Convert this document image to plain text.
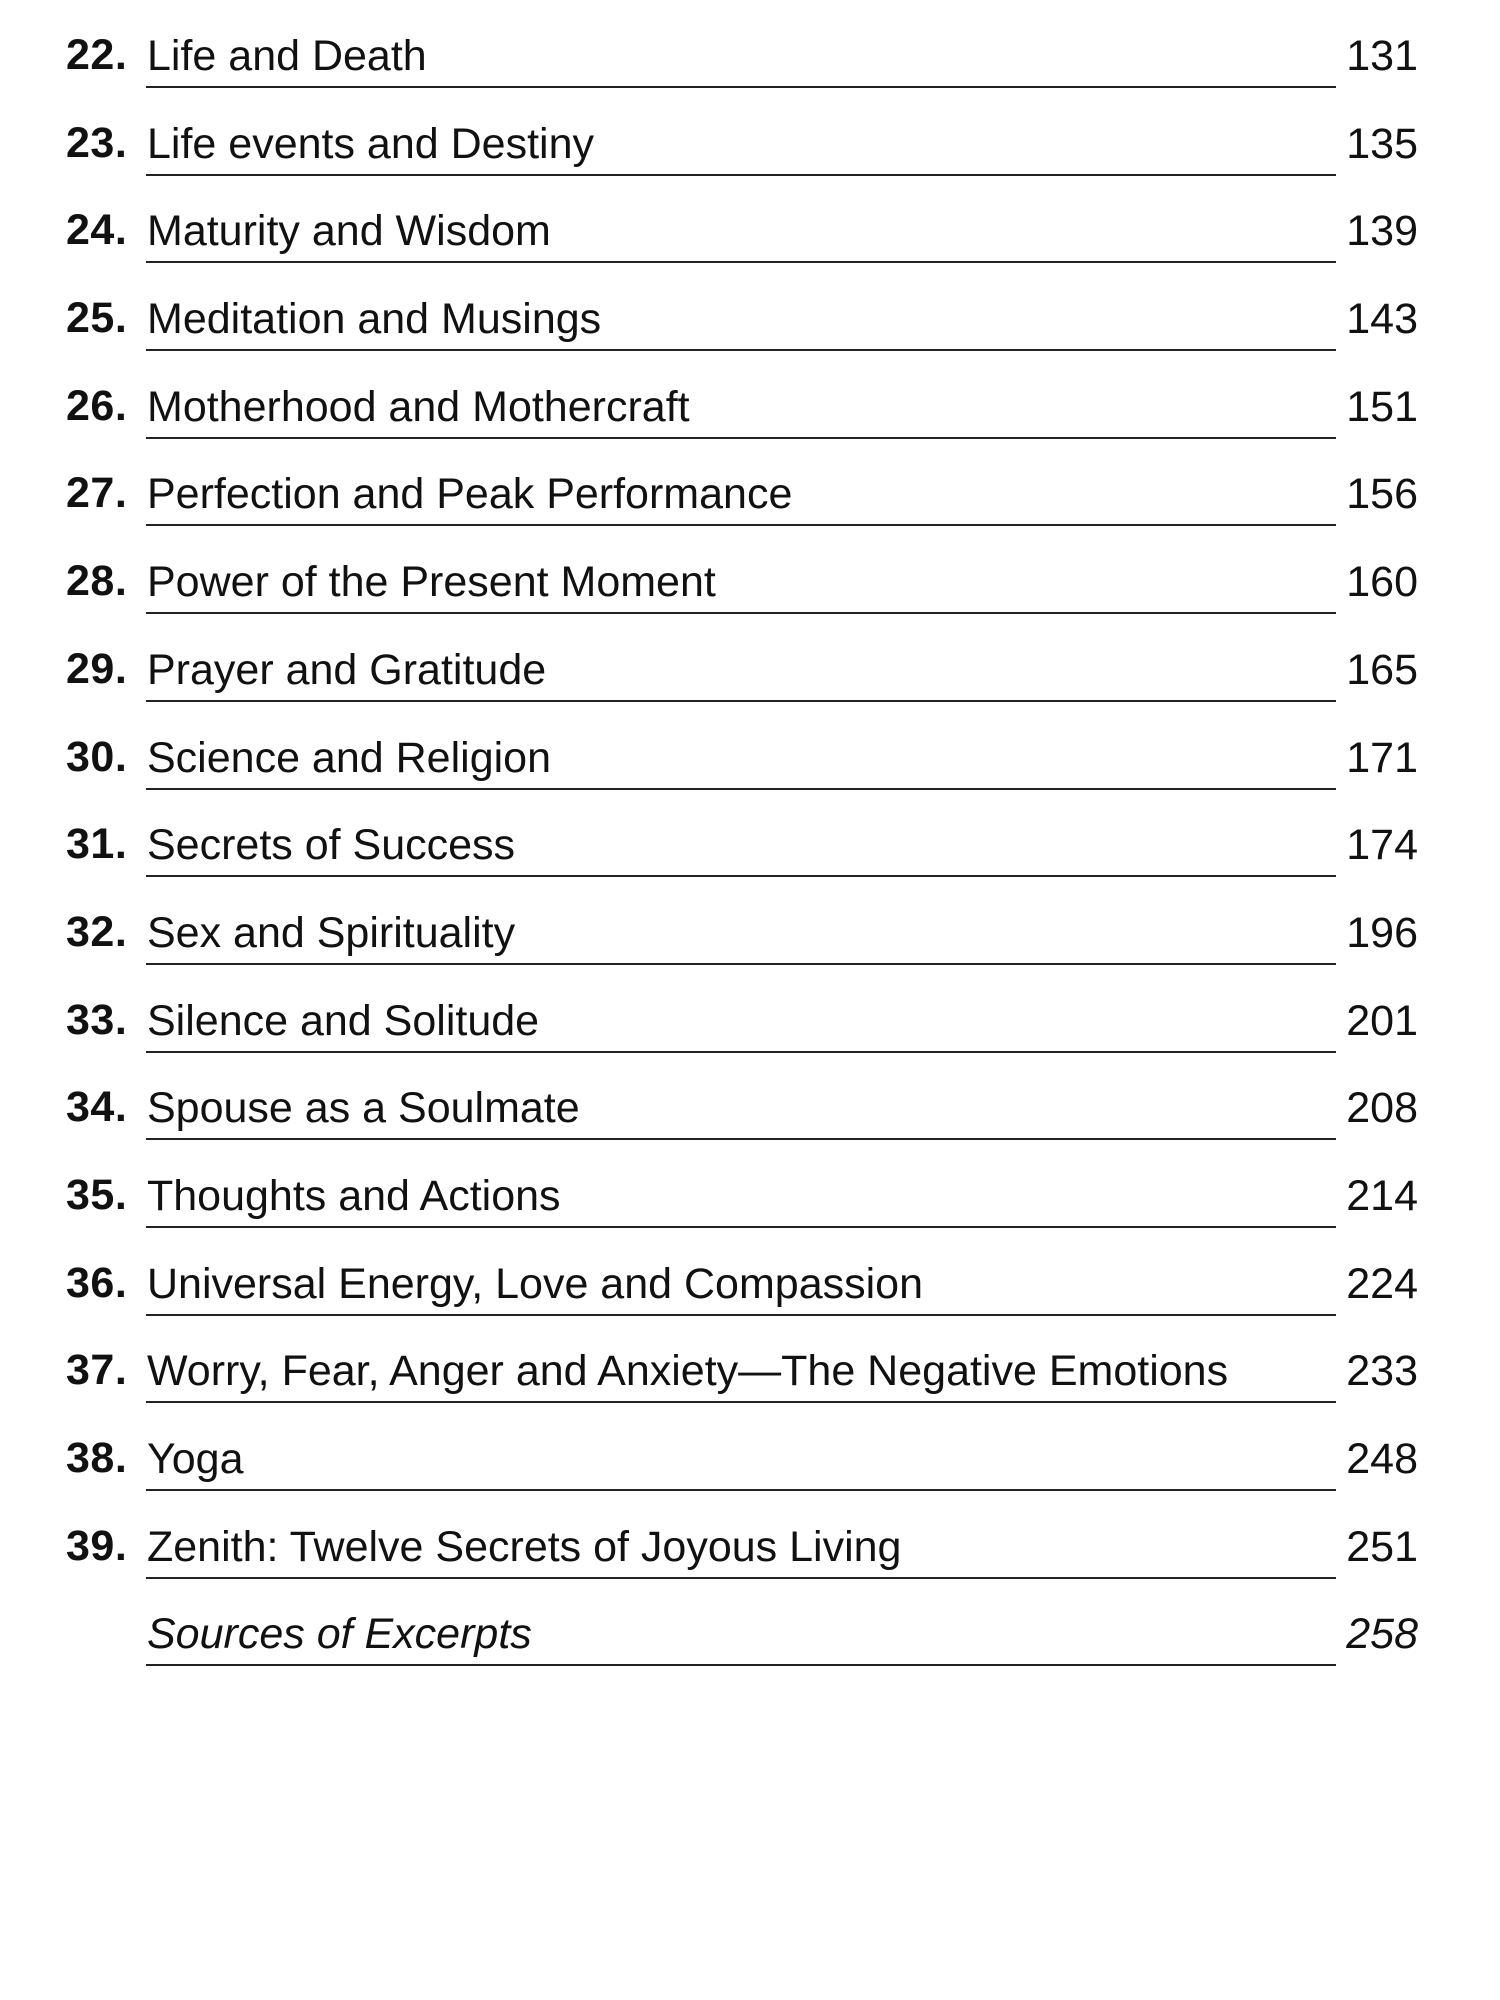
22. Life and Death	131
23. Life events and Destiny	135
24. Maturity and Wisdom	139
25. Meditation and Musings	143
26. Motherhood and Mothercraft	151
27. Perfection and Peak Performance	156
28. Power of the Present Moment	160
29. Prayer and Gratitude	165
30. Science and Religion	171
31. Secrets of Success	174
32. Sex and Spirituality	196
33. Silence and Solitude	201
34. Spouse as a Soulmate	208
35. Thoughts and Actions	214
36. Universal Energy, Love and Compassion	224
37. Worry, Fear, Anger and Anxiety—The Negative Emotions	233
38. Yoga	248
39. Zenith: Twelve Secrets of Joyous Living	251
Sources of Excerpts	258
